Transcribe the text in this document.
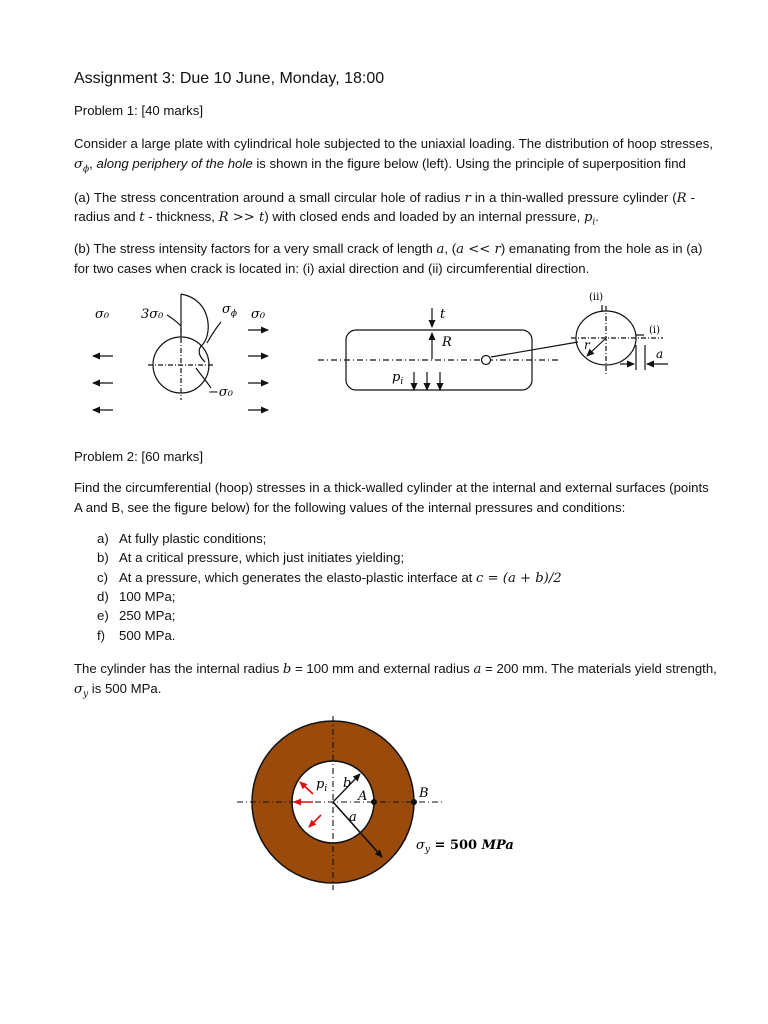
Assignment 3: Due 10 June, Monday, 18:00
Problem 1: [40 marks]
Consider a large plate with cylindrical hole subjected to the uniaxial loading. The distribution of hoop stresses,
$\sigma_\phi$, along periphery of the hole is shown in the figure below (left). Using the principle of superposition find
(a) The stress concentration around a small circular hole of radius r in a thin-walled pressure cylinder (R -
radius and t - thickness, R >> t) with closed ends and loaded by an internal pressure, $p_i$.
(b) The stress intensity factors for a very small crack of length a, (a << r) emanating from the hole as in (a)
for two cases when crack is located in: (i) axial direction and (ii) circumferential direction.
σ₀ 3σ₀	$\sigma_\phi$ σ₀
−σ₀
t
R
$p_i$
(ii)
(i)
r
a
Problem 2: [60 marks]
Find the circumferential (hoop) stresses in a thick-walled cylinder at the internal and external surfaces (points
A and B, see the figure below) for the following values of the internal pressures and conditions:
a) At fully plastic conditions;
b) At a critical pressure, which just initiates yielding;
c) At a pressure, which generates the elasto-plastic interface at c = (a + b)/2
d) 100 MPa;
e) 250 MPa;
f) 500 MPa.
The cylinder has the internal radius b = 100 mm and external radius a = 200 mm. The materials yield strength,
$\sigma_y$ is 500 MPa.
$p_i$ b
A
a
B
$\sigma_y = 500$ MPa
